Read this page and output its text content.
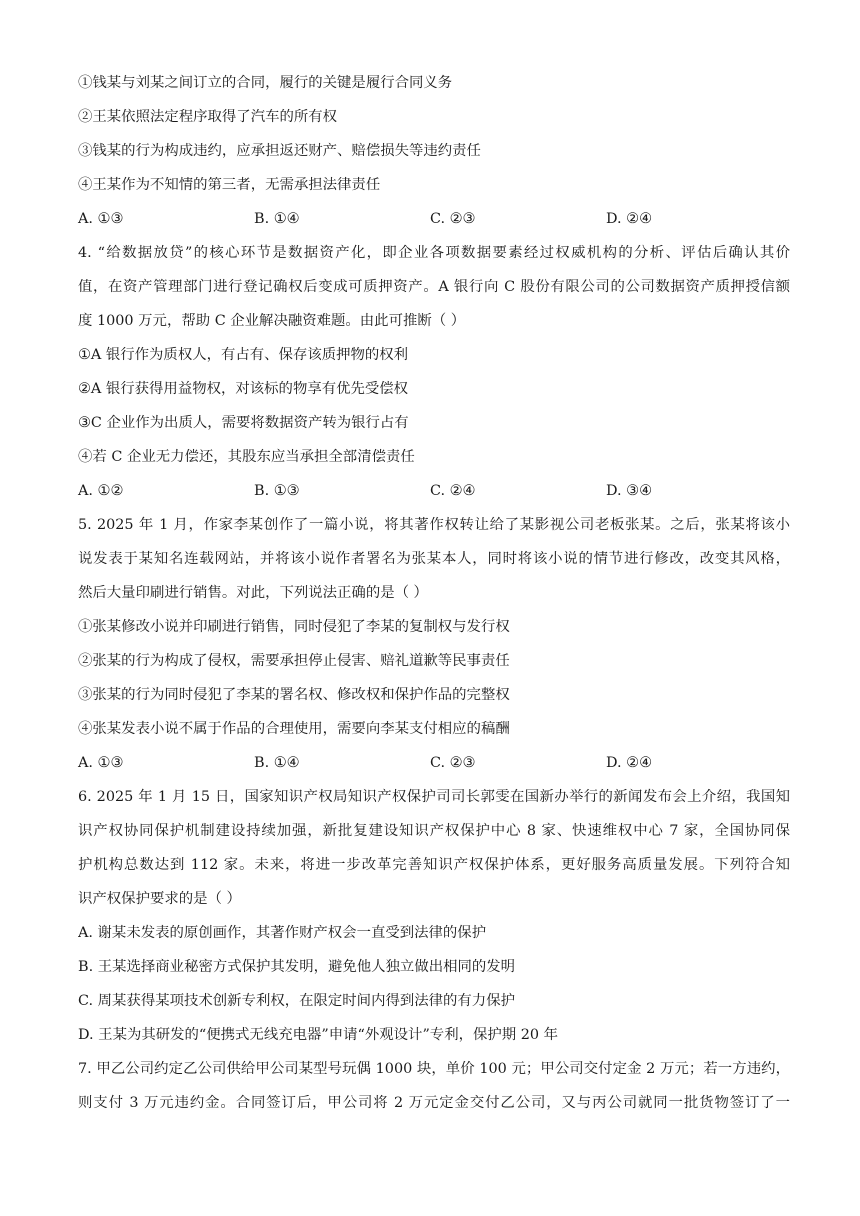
①钱某与刘某之间订立的合同，履行的关键是履行合同义务
②王某依照法定程序取得了汽车的所有权
③钱某的行为构成违约，应承担返还财产、赔偿损失等违约责任
④王某作为不知情的第三者，无需承担法律责任
A. ①③	B. ①④	C. ②③	D. ②④
4. “给数据放贷”的核心环节是数据资产化，即企业各项数据要素经过权威机构的分析、评估后确认其价
值，在资产管理部门进行登记确权后变成可质押资产。A 银行向 C 股份有限公司的公司数据资产质押授信额
度 1000 万元，帮助 C 企业解决融资难题。由此可推断（ ）
①A 银行作为质权人，有占有、保存该质押物的权利
②A 银行获得用益物权，对该标的物享有优先受偿权
③C 企业作为出质人，需要将数据资产转为银行占有
④若 C 企业无力偿还，其股东应当承担全部清偿责任
A. ①②	B. ①③	C. ②④	D. ③④
5. 2025 年 1 月，作家李某创作了一篇小说，将其著作权转让给了某影视公司老板张某。之后，张某将该小
说发表于某知名连载网站，并将该小说作者署名为张某本人，同时将该小说的情节进行修改，改变其风格，
然后大量印刷进行销售。对此，下列说法正确的是（ ）
①张某修改小说并印刷进行销售，同时侵犯了李某的复制权与发行权
②张某的行为构成了侵权，需要承担停止侵害、赔礼道歉等民事责任
③张某的行为同时侵犯了李某的署名权、修改权和保护作品的完整权
④张某发表小说不属于作品的合理使用，需要向李某支付相应的稿酬
A. ①③	B. ①④	C. ②③	D. ②④
6. 2025 年 1 月 15 日，国家知识产权局知识产权保护司司长郭雯在国新办举行的新闻发布会上介绍，我国知
识产权协同保护机制建设持续加强，新批复建设知识产权保护中心 8 家、快速维权中心 7 家，全国协同保
护机构总数达到 112 家。未来，将进一步改革完善知识产权保护体系，更好服务高质量发展。下列符合知
识产权保护要求的是（ ）
A. 谢某未发表的原创画作，其著作财产权会一直受到法律的保护
B. 王某选择商业秘密方式保护其发明，避免他人独立做出相同的发明
C. 周某获得某项技术创新专利权，在限定时间内得到法律的有力保护
D. 王某为其研发的“便携式无线充电器”申请“外观设计”专利，保护期 20 年
7. 甲乙公司约定乙公司供给甲公司某型号玩偶 1000 块，单价 100 元；甲公司交付定金 2 万元；若一方违约，
则支付 3 万元违约金。合同签订后，甲公司将 2 万元定金交付乙公司，又与丙公司就同一批货物签订了一
